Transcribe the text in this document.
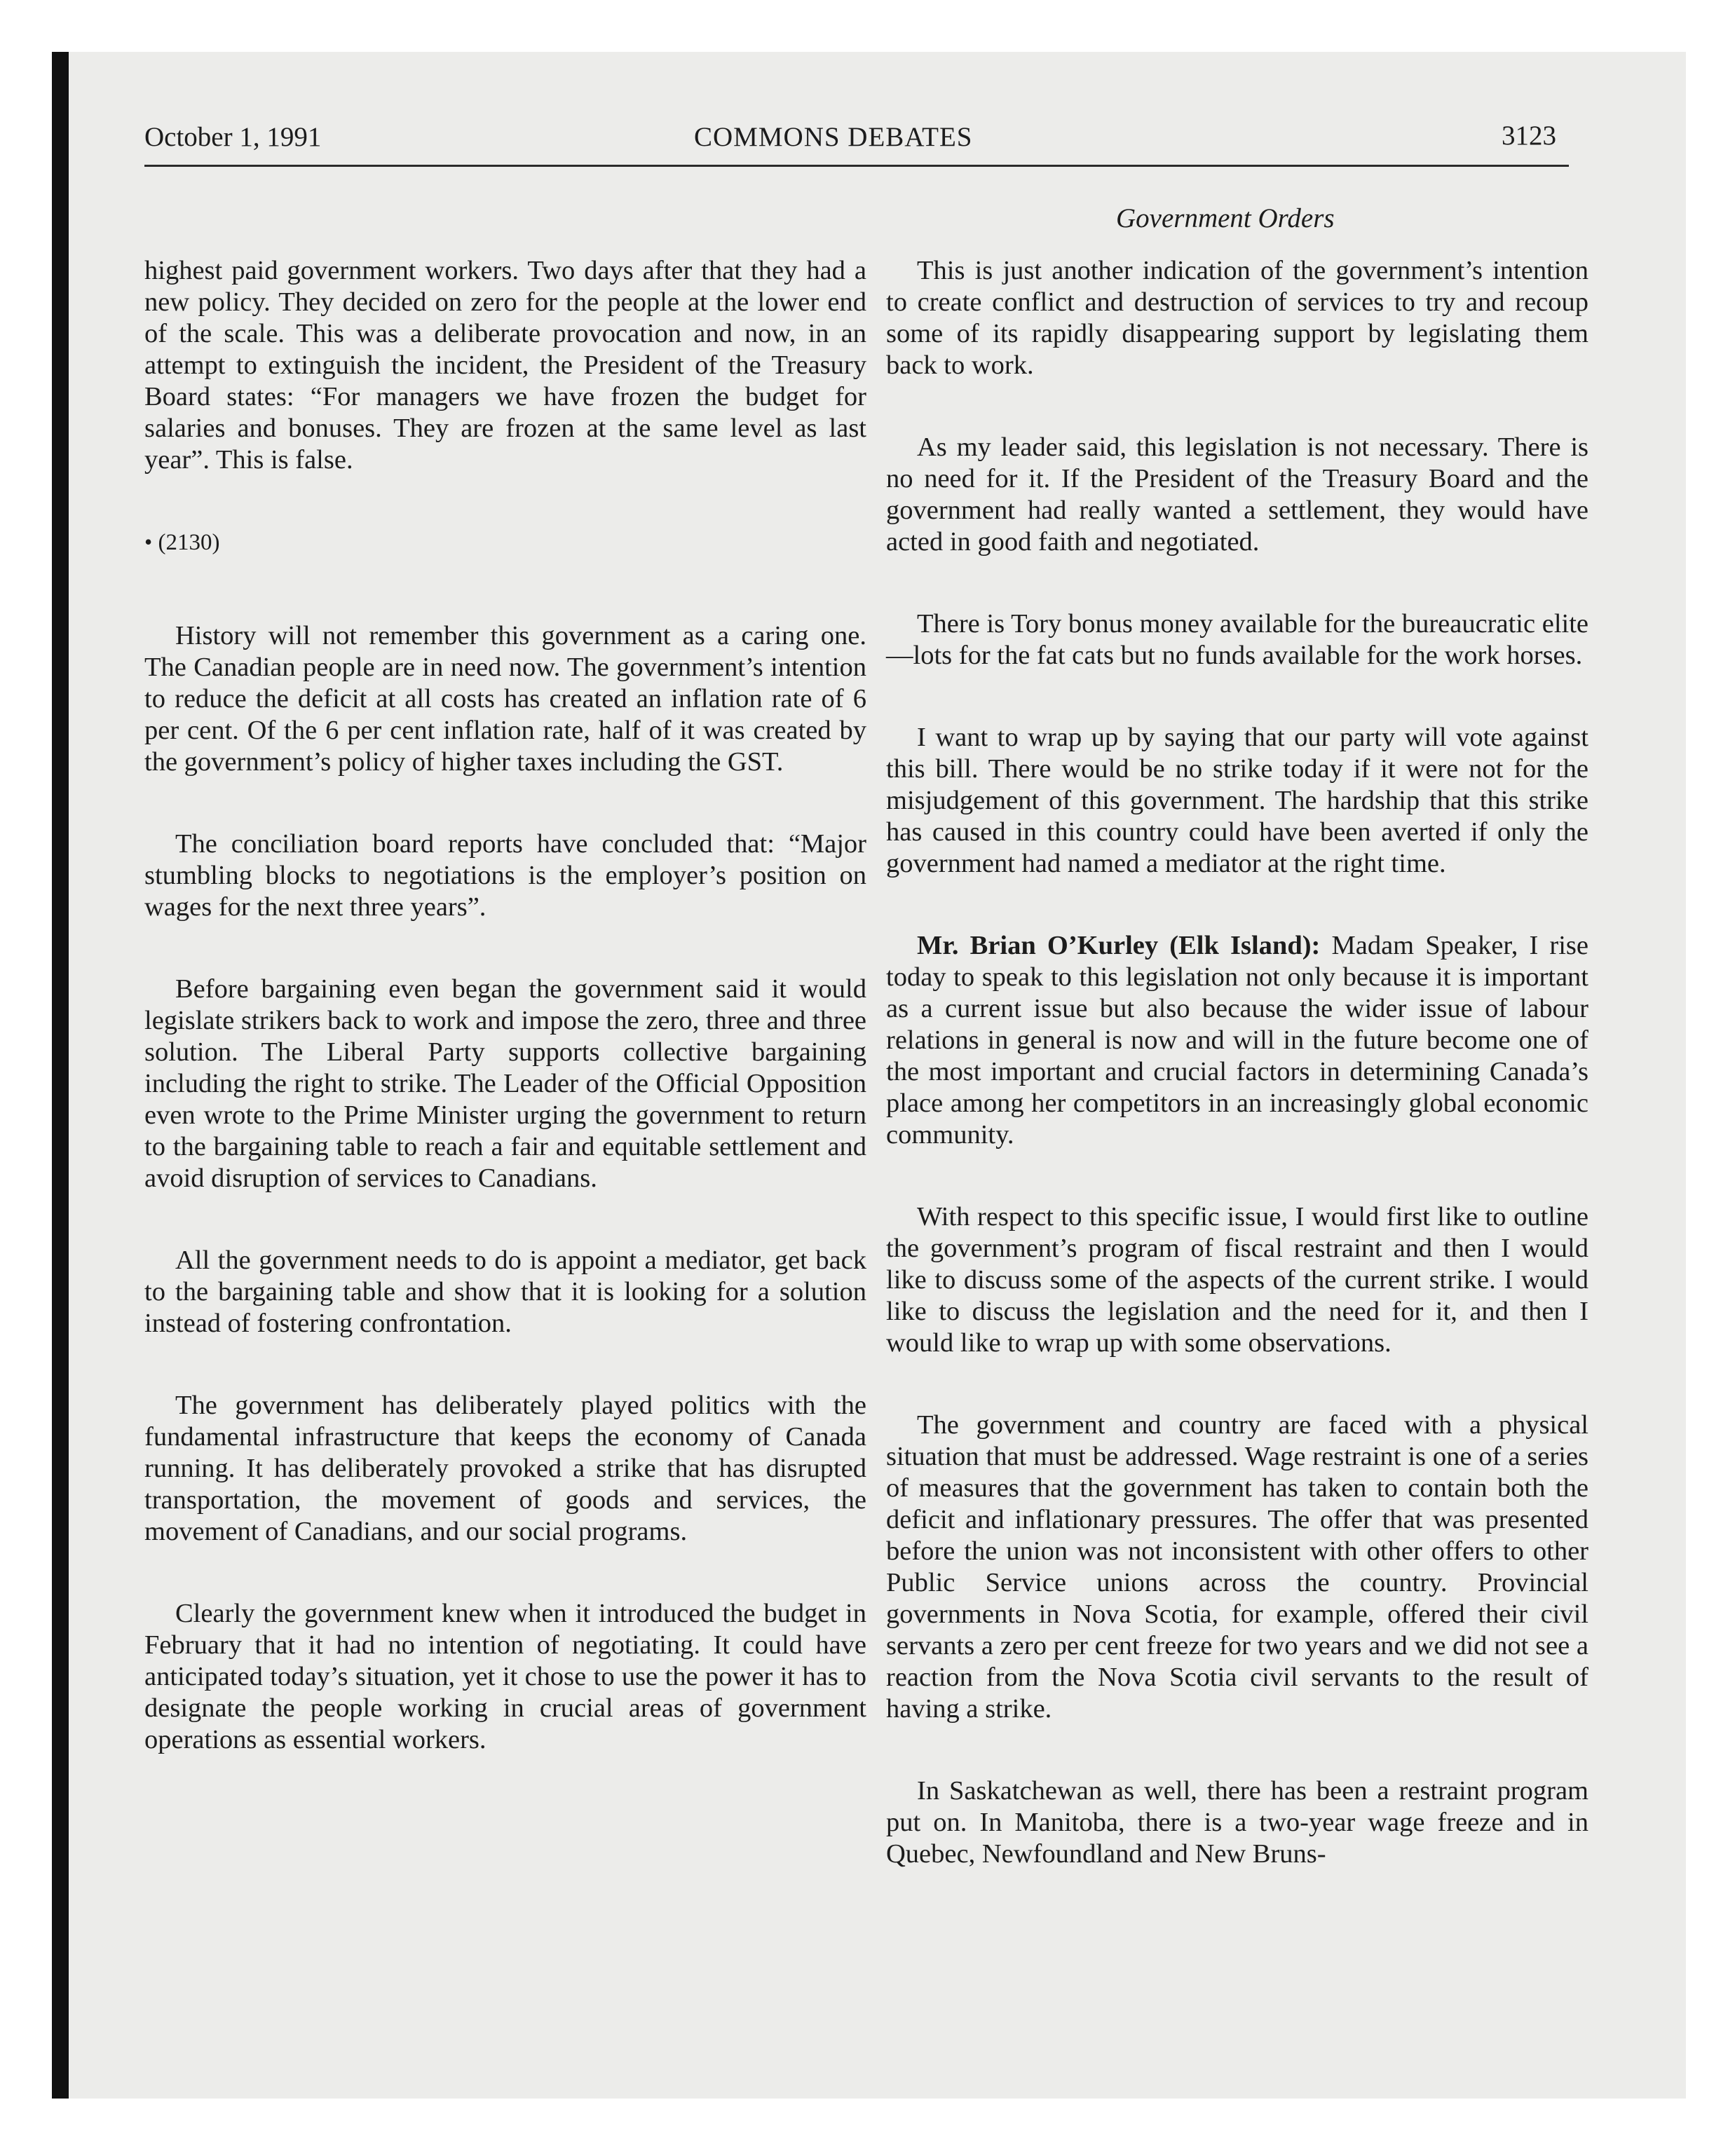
October 1, 1991	COMMONS DEBATES	3123
Government Orders

highest paid government workers. Two days after that they had a new policy. They decided on zero for the people at the lower end of the scale. This was a deliberate provocation and now, in an attempt to extinguish the incident, the President of the Treasury Board states: “For managers we have frozen the budget for salaries and bonuses. They are frozen at the same level as last year”. This is false.

• (2130)

History will not remember this government as a caring one. The Canadian people are in need now. The government’s intention to reduce the deficit at all costs has created an inflation rate of 6 per cent. Of the 6 per cent inflation rate, half of it was created by the government’s policy of higher taxes including the GST.

The conciliation board reports have concluded that: “Major stumbling blocks to negotiations is the employer’s position on wages for the next three years”.

Before bargaining even began the government said it would legislate strikers back to work and impose the zero, three and three solution. The Liberal Party supports collective bargaining including the right to strike. The Leader of the Official Opposition even wrote to the Prime Minister urging the government to return to the bargaining table to reach a fair and equitable settlement and avoid disruption of services to Canadians.

All the government needs to do is appoint a mediator, get back to the bargaining table and show that it is looking for a solution instead of fostering confrontation.

The government has deliberately played politics with the fundamental infrastructure that keeps the economy of Canada running. It has deliberately provoked a strike that has disrupted transportation, the movement of goods and services, the movement of Canadians, and our social programs.

Clearly the government knew when it introduced the budget in February that it had no intention of negotiating. It could have anticipated today’s situation, yet it chose to use the power it has to designate the people working in crucial areas of government operations as essential workers.

This is just another indication of the government’s intention to create conflict and destruction of services to try and recoup some of its rapidly disappearing support by legislating them back to work.

As my leader said, this legislation is not necessary. There is no need for it. If the President of the Treasury Board and the government had really wanted a settlement, they would have acted in good faith and negotiated.

There is Tory bonus money available for the bureaucratic elite—lots for the fat cats but no funds available for the work horses.

I want to wrap up by saying that our party will vote against this bill. There would be no strike today if it were not for the misjudgement of this government. The hardship that this strike has caused in this country could have been averted if only the government had named a mediator at the right time.

Mr. Brian O’Kurley (Elk Island): Madam Speaker, I rise today to speak to this legislation not only because it is important as a current issue but also because the wider issue of labour relations in general is now and will in the future become one of the most important and crucial factors in determining Canada’s place among her competitors in an increasingly global economic community.

With respect to this specific issue, I would first like to outline the government’s program of fiscal restraint and then I would like to discuss some of the aspects of the current strike. I would like to discuss the legislation and the need for it, and then I would like to wrap up with some observations.

The government and country are faced with a physical situation that must be addressed. Wage restraint is one of a series of measures that the government has taken to contain both the deficit and inflationary pressures. The offer that was presented before the union was not inconsistent with other offers to other Public Service unions across the country. Provincial governments in Nova Scotia, for example, offered their civil servants a zero per cent freeze for two years and we did not see a reaction from the Nova Scotia civil servants to the result of having a strike.

In Saskatchewan as well, there has been a restraint program put on. In Manitoba, there is a two-year wage freeze and in Quebec, Newfoundland and New Bruns-
